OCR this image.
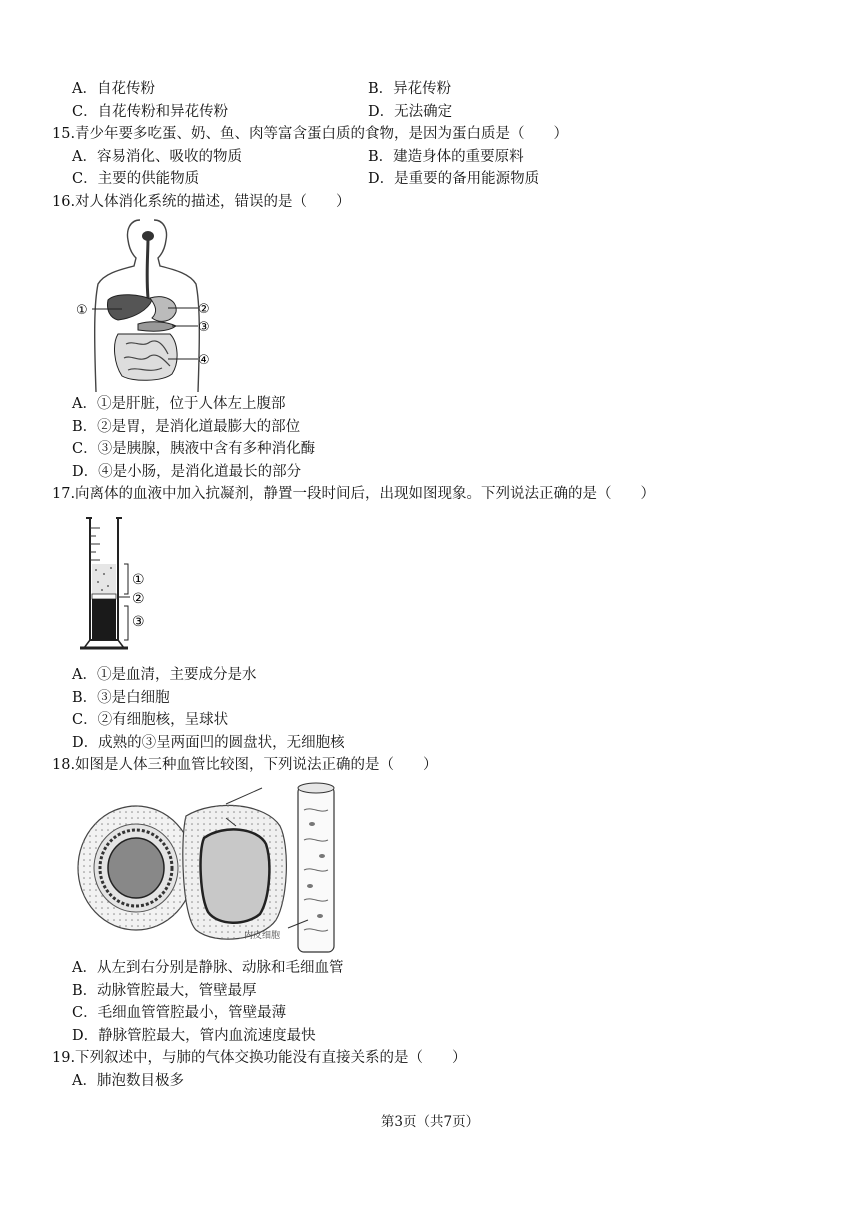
A．自花传粉	B．异花传粉
C．自花传粉和异花传粉	D．无法确定
15.青少年要多吃蛋、奶、鱼、肉等富含蛋白质的食物，是因为蛋白质是（　　）
A．容易消化、吸收的物质	B．建造身体的重要原料
C．主要的供能物质	D．是重要的备用能源物质
16.对人体消化系统的描述，错误的是（　　）
①	②
③
④
A．①是肝脏，位于人体左上腹部
B．②是胃，是消化道最膨大的部位
C．③是胰腺，胰液中含有多种消化酶
D．④是小肠，是消化道最长的部分
17.向离体的血液中加入抗凝剂，静置一段时间后，出现如图现象。下列说法正确的是（　　）
①
②
③
A．①是血清，主要成分是水
B．③是白细胞
C．②有细胞核，呈球状
D．成熟的③呈两面凹的圆盘状，无细胞核
18.如图是人体三种血管比较图，下列说法正确的是（　　）
内皮细胞
A．从左到右分别是静脉、动脉和毛细血管
B．动脉管腔最大，管壁最厚
C．毛细血管管腔最小，管壁最薄
D．静脉管腔最大，管内血流速度最快
19.下列叙述中，与肺的气体交换功能没有直接关系的是（　　）
A．肺泡数目极多
第3页（共7页）
